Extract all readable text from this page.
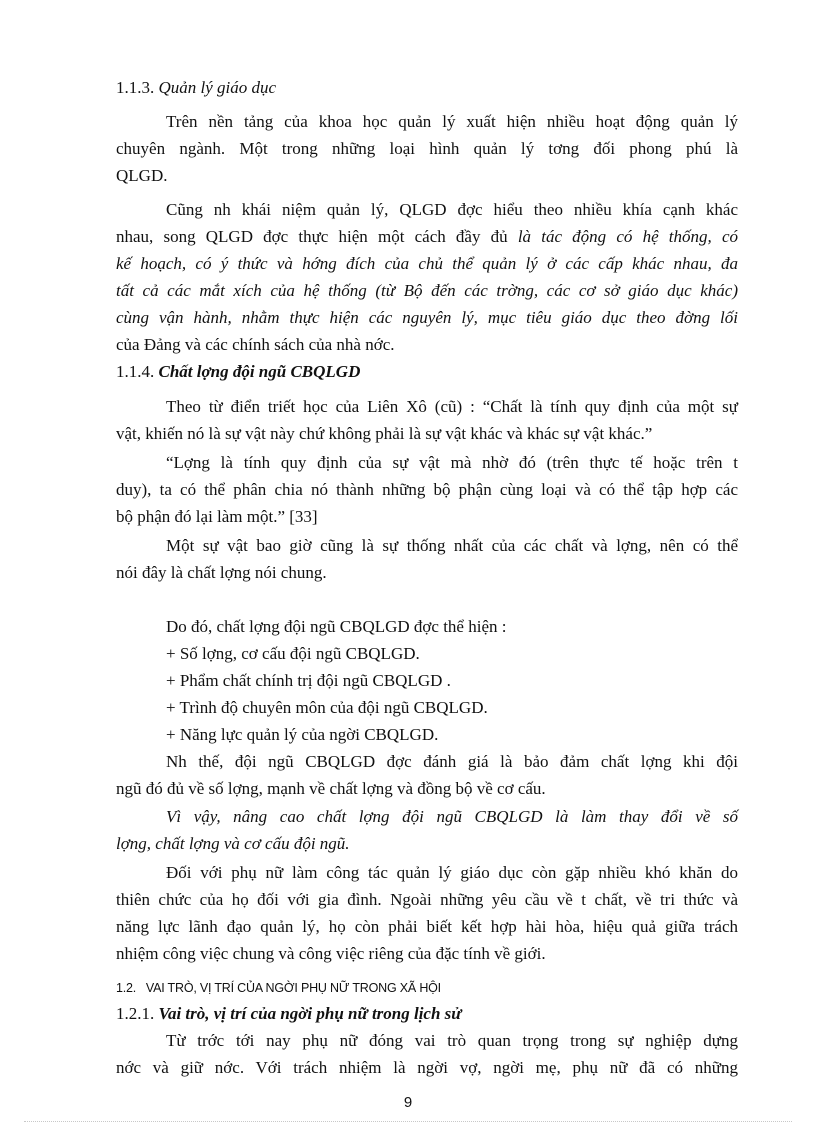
1.1.3. Quản lý giáo dục
Trên nền tảng của khoa học quản lý xuất hiện nhiều hoạt động quản lý
chuyên ngành. Một trong những loại hình quản lý tơng đối phong phú là
QLGD.
Cũng nh khái niệm quản lý, QLGD đợc hiểu theo nhiều khía cạnh khác
nhau, song QLGD đợc thực hiện một cách đầy đủ là tác động có hệ thống, có
kế hoạch, có ý thức và hớng đích của chủ thể quản lý ở các cấp khác nhau, đa
tất cả các mắt xích của hệ thống (từ Bộ đến các trờng, các cơ sở giáo dục khác)
cùng vận hành, nhằm thực hiện các nguyên lý, mục tiêu giáo dục theo đờng lối
của Đảng và các chính sách của nhà nớc.
1.1.4. Chất lợng đội ngũ CBQLGD
Theo từ điển triết học của Liên Xô (cũ) : “Chất là tính quy định của một sự
vật, khiến nó là sự vật này chứ không phải là sự vật khác và khác sự vật khác.”
“Lợng là tính quy định của sự vật mà nhờ đó (trên thực tế hoặc trên t
duy), ta có thể phân chia nó thành những bộ phận cùng loại và có thể tập hợp các
bộ phận đó lại làm một.” [33]
Một sự vật bao giờ cũng là sự thống nhất của các chất và lợng, nên có thể
nói đây là chất lợng nói chung.
Do đó, chất lợng đội ngũ CBQLGD đợc thể hiện :
+ Số lợng, cơ cấu đội ngũ CBQLGD.
+ Phẩm chất chính trị đội ngũ CBQLGD .
+ Trình độ chuyên môn của đội ngũ CBQLGD.
+ Năng lực quản lý của ngời CBQLGD.
Nh thế, đội ngũ CBQLGD đợc đánh giá là bảo đảm chất lợng khi đội
ngũ đó đủ về số lợng, mạnh về chất lợng và đồng bộ về cơ cấu.
Vì vậy, nâng cao chất lợng đội ngũ CBQLGD là làm thay đổi về số
lợng, chất lợng và cơ cấu đội ngũ.
Đối với phụ nữ làm công tác quản lý giáo dục còn gặp nhiều khó khăn do
thiên chức của họ đối với gia đình. Ngoài những yêu cầu về t chất, về tri thức và
năng lực lãnh đạo quản lý, họ còn phải biết kết hợp hài hòa, hiệu quả giữa trách
nhiệm công việc chung và công việc riêng của đặc tính về giới.
1.2. VAI TRÒ, VỊ TRÍ CỦA NGỜI PHỤ NỮ TRONG XÃ HỘI
1.2.1. Vai trò, vị trí của ngời phụ nữ trong lịch sử
Từ trớc tới nay phụ nữ đóng vai trò quan trọng trong sự nghiệp dựng
nớc và giữ nớc. Với trách nhiệm là ngời vợ, ngời mẹ, phụ nữ đã có những
9
